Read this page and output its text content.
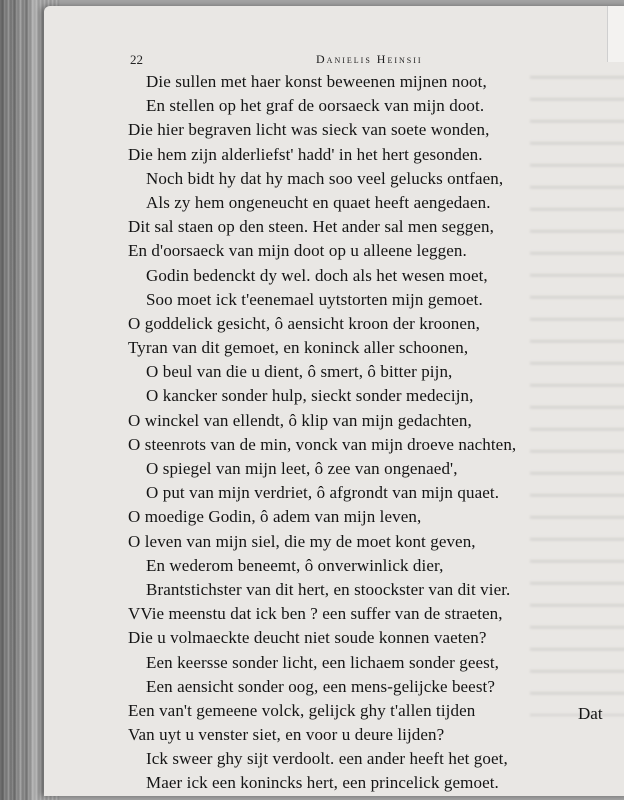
22	Danielis Heinsii
Die sullen met haer konst beweenen mijnen noot,
En stellen op het graf de oorsaeck van mijn doot.
Die hier begraven licht was sieck van soete wonden,
Die hem zijn alderliefst' hadd' in het hert gesonden.
Noch bidt hy dat hy mach soo veel gelucks ontfaen,
Als zy hem ongeneucht en quaet heeft aengedaen.
Dit sal staen op den steen. Het ander sal men seggen,
En d'oorsaeck van mijn doot op u alleene leggen.
Godin bedenckt dy wel. doch als het wesen moet,
Soo moet ick t'eenemael uytstorten mijn gemoet.
O goddelick gesicht, ô aensicht kroon der kroonen,
Tyran van dit gemoet, en koninck aller schoonen,
O beul van die u dient, ô smert, ô bitter pijn,
O kancker sonder hulp, sieckt sonder medecijn,
O winckel van ellendt, ô klip van mijn gedachten,
O steenrots van de min, vonck van mijn droeve nachten,
O spiegel van mijn leet, ô zee van ongenaed',
O put van mijn verdriet, ô afgrondt van mijn quaet.
O moedige Godin, ô adem van mijn leven,
O leven van mijn siel, die my de moet kont geven,
En wederom beneemt, ô onverwinlick dier,
Brantstichster van dit hert, en stoockster van dit vier.
VVie meenstu dat ick ben ? een suffer van de straeten,
Die u volmaeckte deucht niet soude konnen vaeten?
Een keersse sonder licht, een lichaem sonder geest,
Een aensicht sonder oog, een mens-gelijcke beest?
Een van't gemeene volck, gelijck ghy t'allen tijden
Van uyt u venster siet, en voor u deure lijden?
Ick sweer ghy sijt verdoolt. een ander heeft het goet,
Maer ick een konincks hert, een princelick gemoet.
Dat
